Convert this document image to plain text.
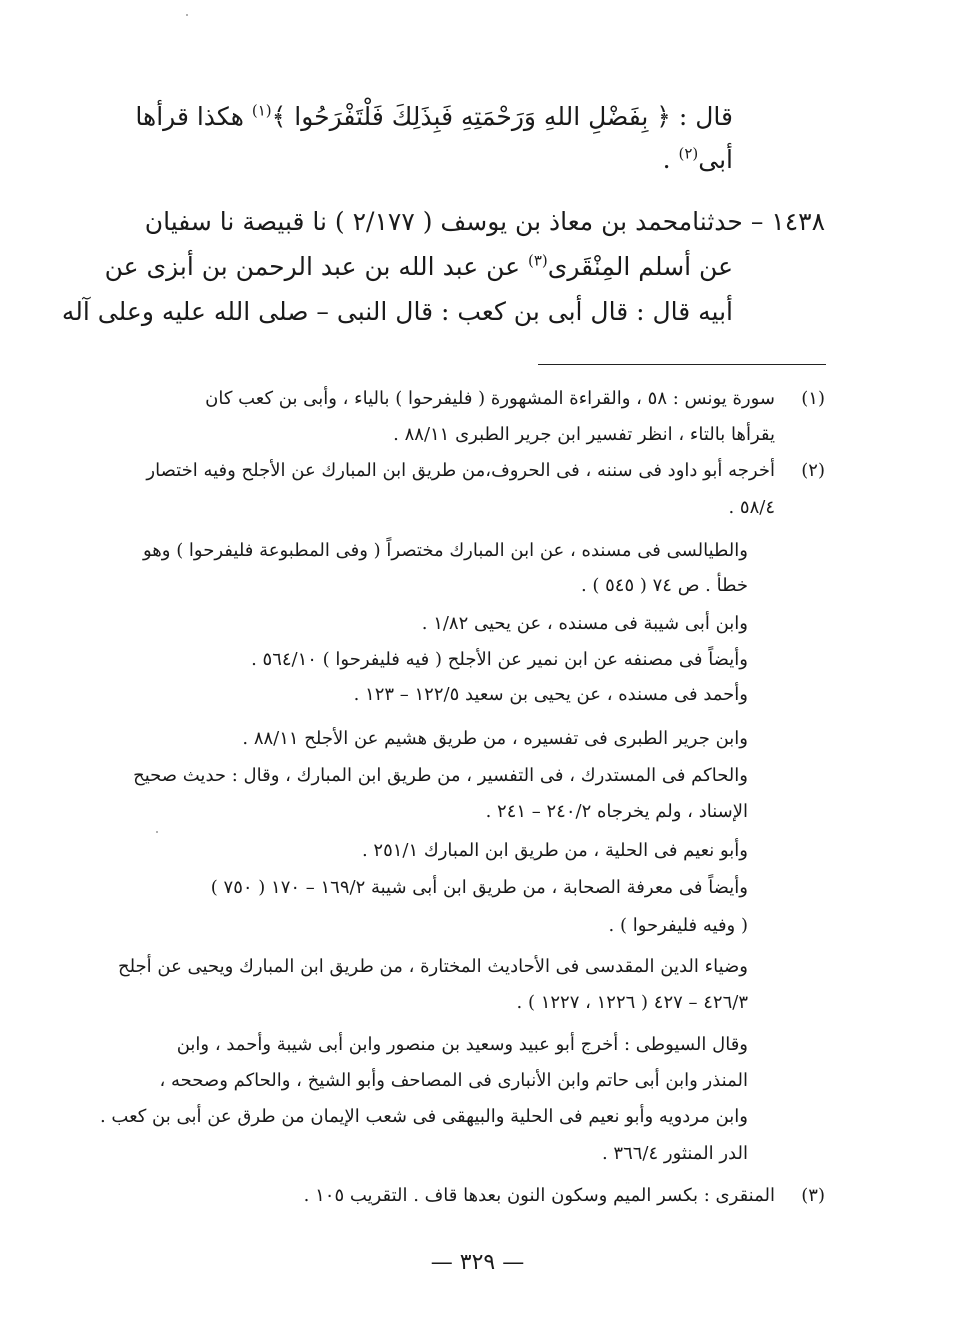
قال : ﴿ بِفَضْلِ اللهِ وَرَحْمَتِهِ فَبِذَلِكَ فَلْتَفْرَحُوا ﴾$^{(١)}$ هكذا قرأها
أبى$^{(٢)}$ .
١٤٣٨ – حدثنامحمد بن معاذ بن يوسف ( ٢/١٧٧ ) نا قبيصة نا سفيان
عن أسلم المِنْقَرى$^{(٣)}$ عن عبد الله بن عبد الرحمن بن أبزى عن
أبيه قال : قال أبى بن كعب : قال النبى – صلى الله عليه وعلى آله
(١)
سورة يونس : ٥٨ ، والقراءة المشهورة ( فليفرحوا ) بالياء ، وأبى بن كعب كان
يقرأها بالتاء ، انظر تفسير ابن جرير الطبرى ٨٨/١١ .
(٢)
أخرجه أبو داود فى سننه ، فى الحروف،من طريق ابن المبارك عن الأجلح وفيه اختصار
٥٨/٤ .
والطيالسى فى مسنده ، عن ابن المبارك مختصراً ( وفى المطبوعة فليفرحوا ) وهو
خطأ . ص ٧٤ ( ٥٤٥ ) .
وابن أبى شيبة فى مسنده ، عن يحيى ١/٨٢ .
وأيضاً فى مصنفه عن ابن نمير عن الأجلح ( فيه فليفرحوا ) ٥٦٤/١٠ .
وأحمد فى مسنده ، عن يحيى بن سعيد ١٢٢/٥ – ١٢٣ .
وابن جرير الطبرى فى تفسيره ، من طريق هشيم عن الأجلح ٨٨/١١ .
والحاكم فى المستدرك ، فى التفسير ، من طريق ابن المبارك ، وقال : حديث صحيح
الإسناد ، ولم يخرجاه ٢٤٠/٢ – ٢٤١ .
وأبو نعيم فى الحلية ، من طريق ابن المبارك ٢٥١/١ .
وأيضاً فى معرفة الصحابة ، من طريق ابن أبى شيبة ١٦٩/٢ – ١٧٠ ( ٧٥٠ )
( وفيه فليفرحوا ) .
وضياء الدين المقدسى فى الأحاديث المختارة ، من طريق ابن المبارك ويحيى عن أجلح
٤٢٦/٣ – ٤٢٧ ( ١٢٢٦ ، ١٢٢٧ ) .
وقال السيوطى : أخرج أبو عبيد وسعيد بن منصور وابن أبى شيبة وأحمد ، وابن
المنذر وابن أبى حاتم وابن الأنبارى فى المصاحف وأبو الشيخ ، والحاكم وصححه ،
وابن مردويه وأبو نعيم فى الحلية والبيهقى فى شعب الإيمان من طرق عن أبى بن كعب .
الدر المنثور ٣٦٦/٤ .
(٣)
المنقرى : بكسر الميم وسكون النون بعدها قاف . التقريب ١٠٥ .
— ٣٢٩ —
